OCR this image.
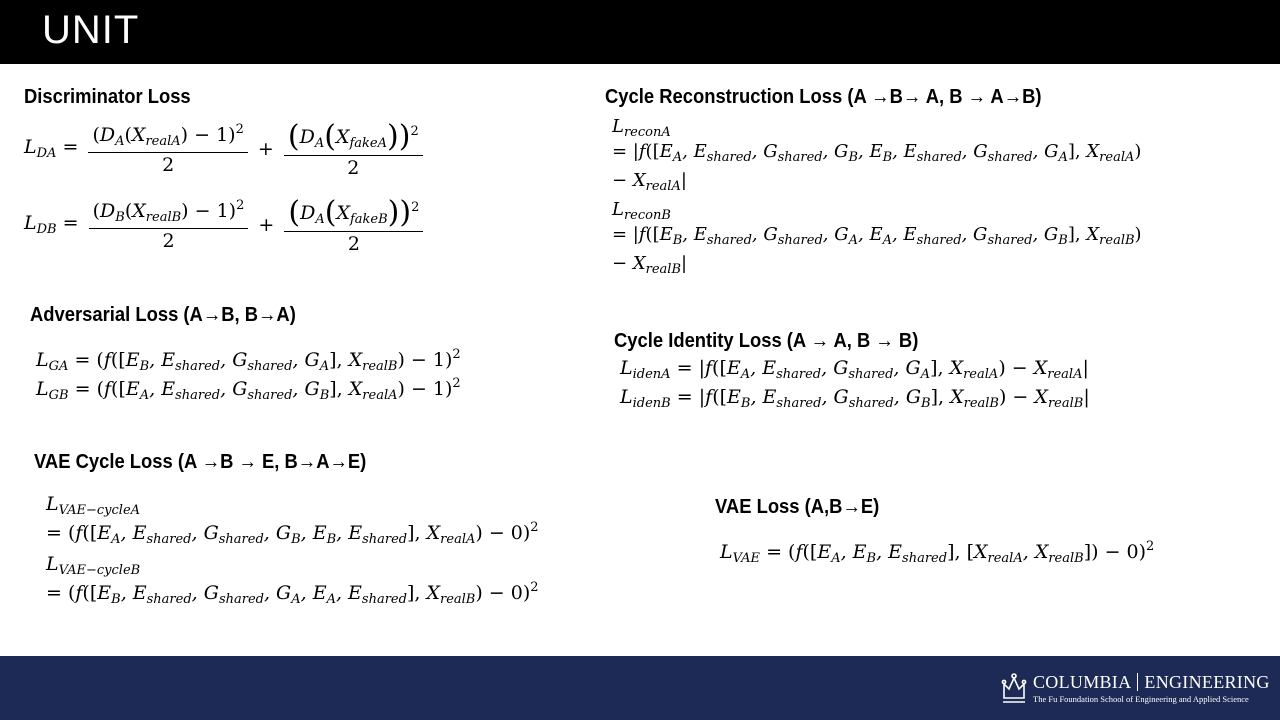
UNIT
Discriminator Loss
$L_{DA} = \frac{(D_A(X_{realA}) - 1)^2}{2} + \frac{(D_A(X_{fakeA}))^2}{2}$
$L_{DB} = \frac{(D_B(X_{realB}) - 1)^2}{2} + \frac{(D_A(X_{fakeB}))^2}{2}$
Adversarial Loss (A→B, B→A)
$L_{GA} = (f([E_B$, $E_{shared}$, $G_{shared}$, $G_A$], $X_{realB}) - 1)^2$
$L_{GB} = (f([E_A$, $E_{shared}$, $G_{shared}$, $G_B$], $X_{realA}) - 1)^2$
VAE Cycle Loss (A →B → E, B→A→E)
$L_{VAE-cycleA}$
= ($f([E_A$, $E_{shared}$, $G_{shared}$, $G_B$, $E_B$, $E_{shared}$], $X_{realA}) - 0)^2$
$L_{VAE-cycleB}$
= ($f([E_B$, $E_{shared}$, $G_{shared}$, $G_A$, $E_A$, $E_{shared}$], $X_{realB}) - 0)^2$
Cycle Reconstruction Loss (A →B→ A, B → A→B)
$L_{reconA}$
= $|f([E_A$, $E_{shared}$, $G_{shared}$, $G_B$, $E_B$, $E_{shared}$, $G_{shared}$, $G_A$], $X_{realA}$)
− $X_{realA}|$
$L_{reconB}$
= $|f([E_B$, $E_{shared}$, $G_{shared}$, $G_A$, $E_A$, $E_{shared}$, $G_{shared}$, $G_B$], $X_{realB}$)
− $X_{realB}|$
Cycle Identity Loss (A → A, B → B)
$L_{idenA} = |f([E_A$, $E_{shared}$, $G_{shared}$, $G_A$], $X_{realA}) - X_{realA}|$
$L_{idenB} = |f([E_B$, $E_{shared}$, $G_{shared}$, $G_B$], $X_{realB}) - X_{realB}|$
VAE Loss (A,B→E)
$L_{VAE} = (f([E_A$, $E_B$, $E_{shared}$], [$X_{realA}$, $X_{realB}]) - 0)^2$
COLUMBIA ENGINEERING
The Fu Foundation School of Engineering and Applied Science
